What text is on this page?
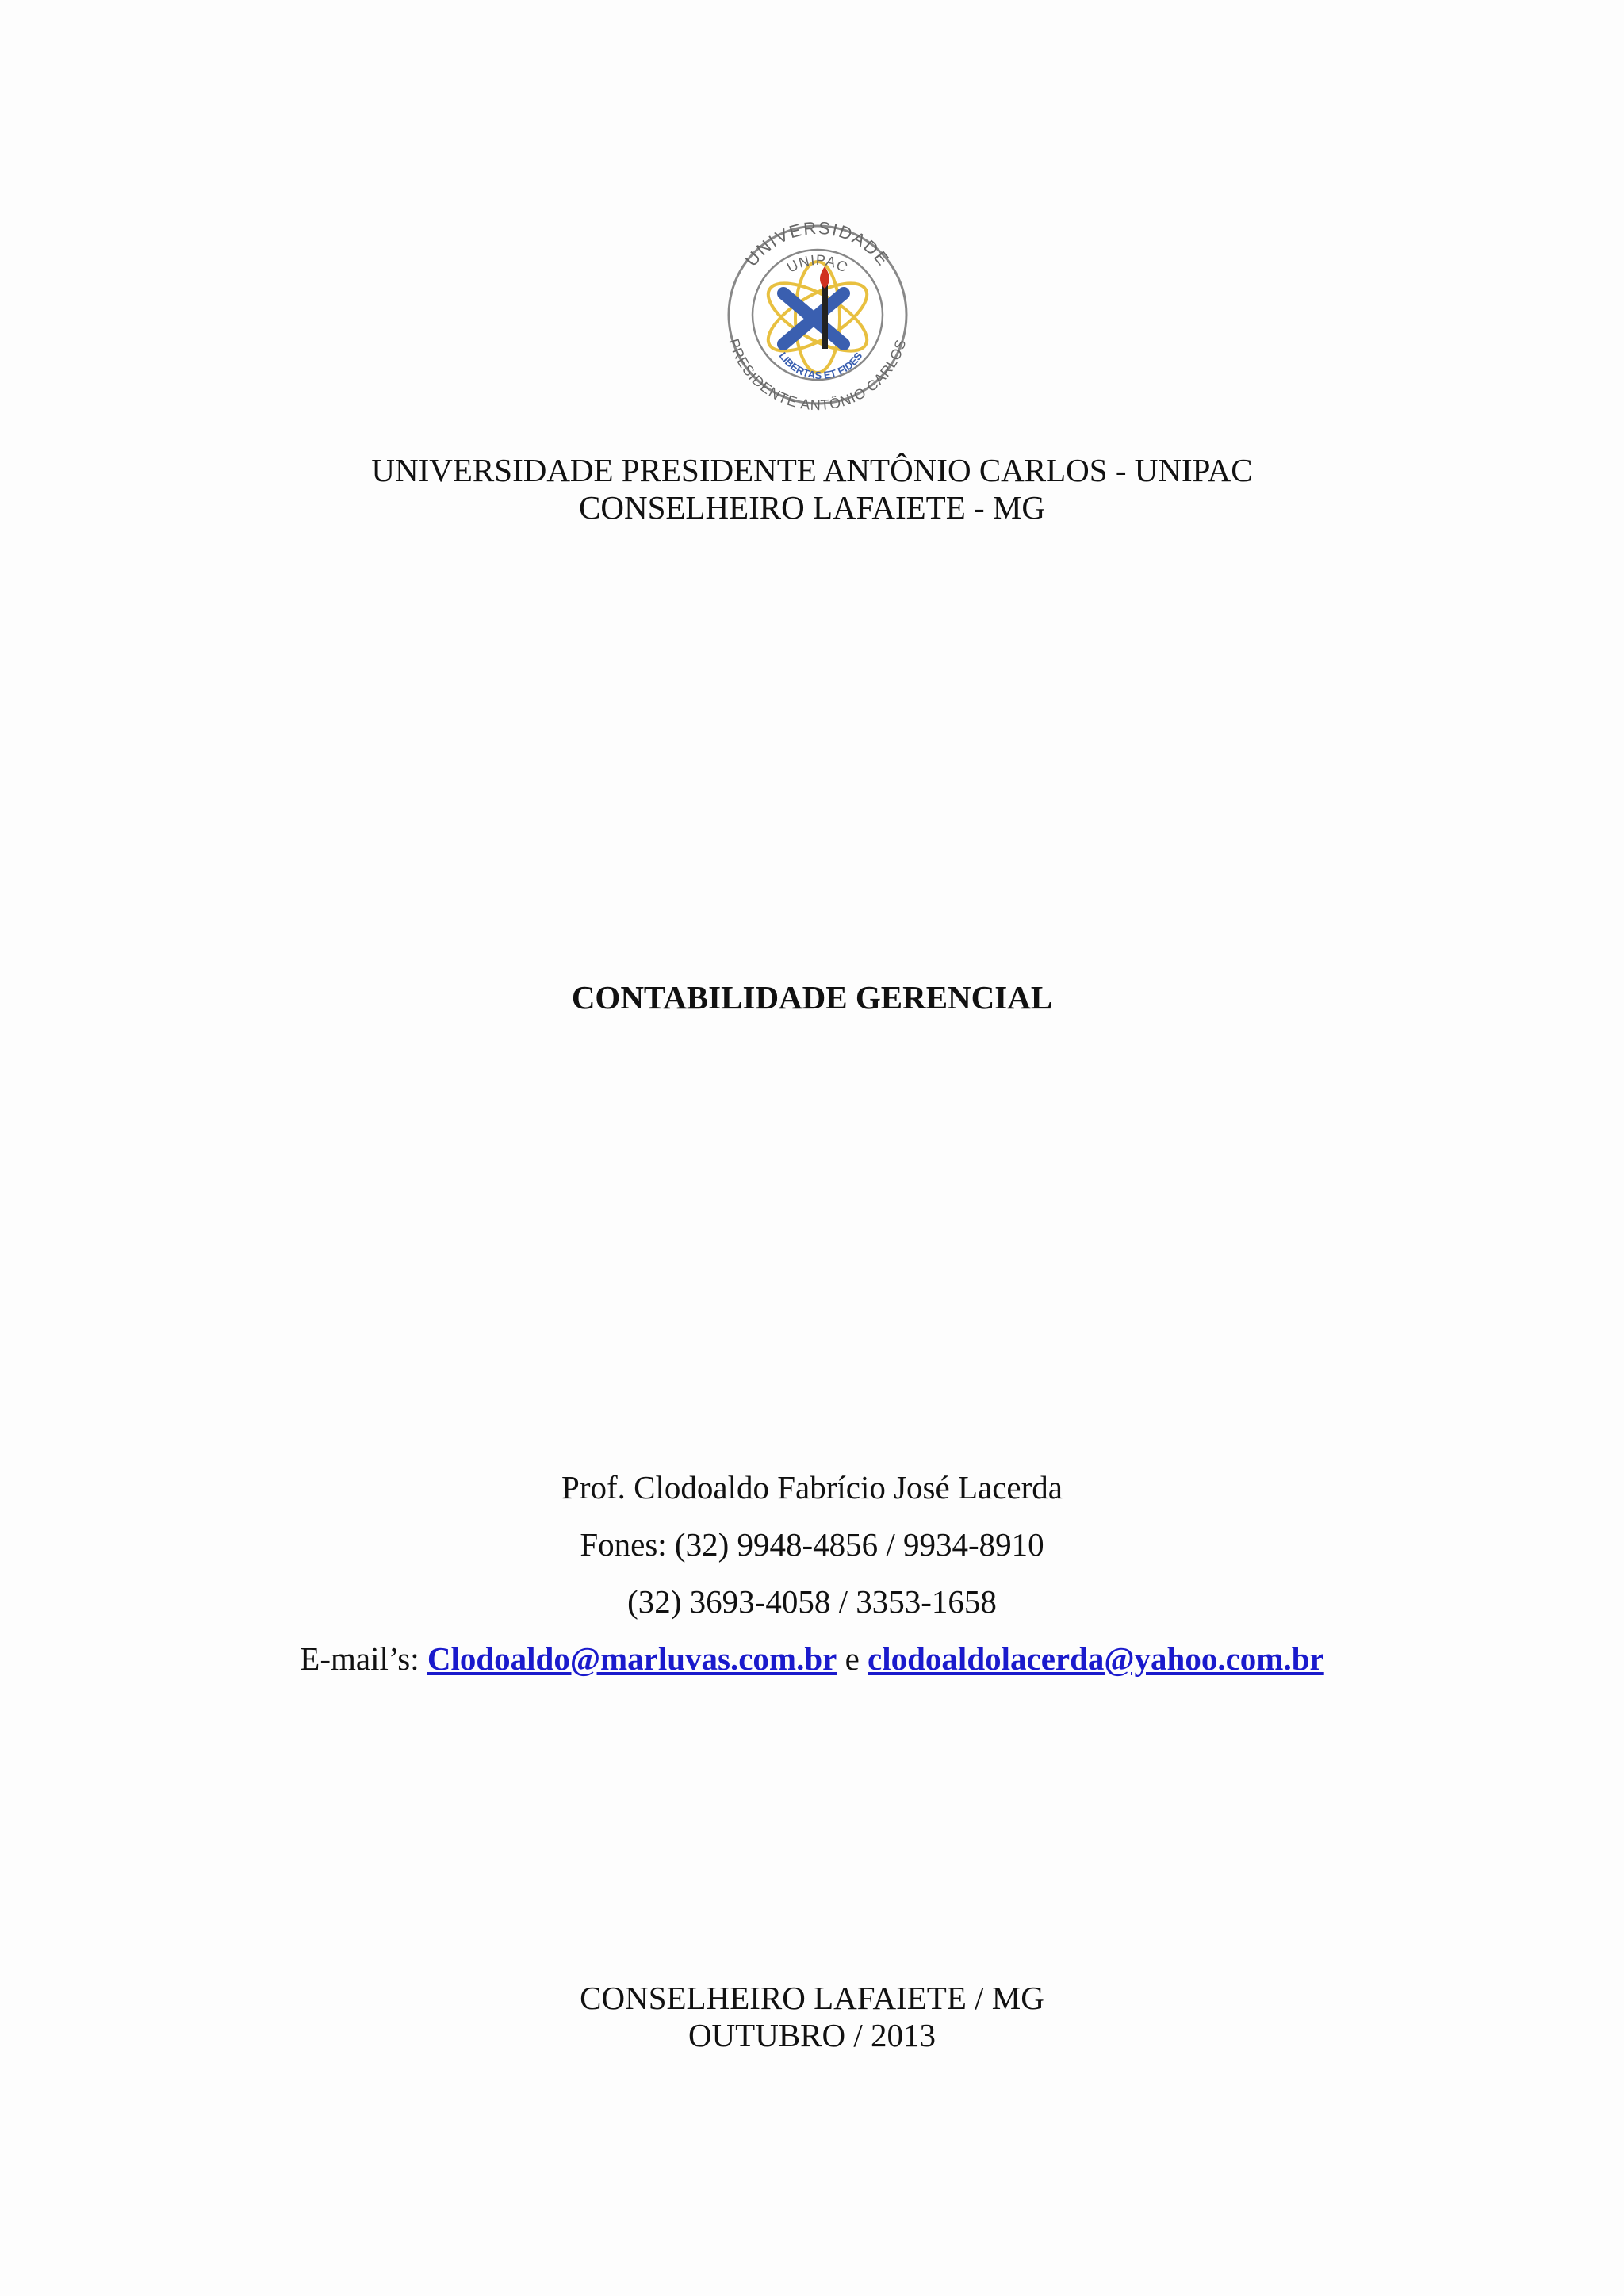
UNIVERSIDADE
UNIPAC
PRESIDENTE ANTÔNIO CARLOS
LIBERTAS ET FIDES
UNIVERSIDADE PRESIDENTE ANTÔNIO CARLOS - UNIPAC
CONSELHEIRO LAFAIETE - MG
CONTABILIDADE GERENCIAL
Prof. Clodoaldo Fabrício José Lacerda
Fones: (32) 9948-4856 / 9934-8910
(32) 3693-4058 / 3353-1658
E-mail’s: Clodoaldo@marluvas.com.br e clodoaldolacerda@yahoo.com.br
CONSELHEIRO LAFAIETE / MG
OUTUBRO / 2013
